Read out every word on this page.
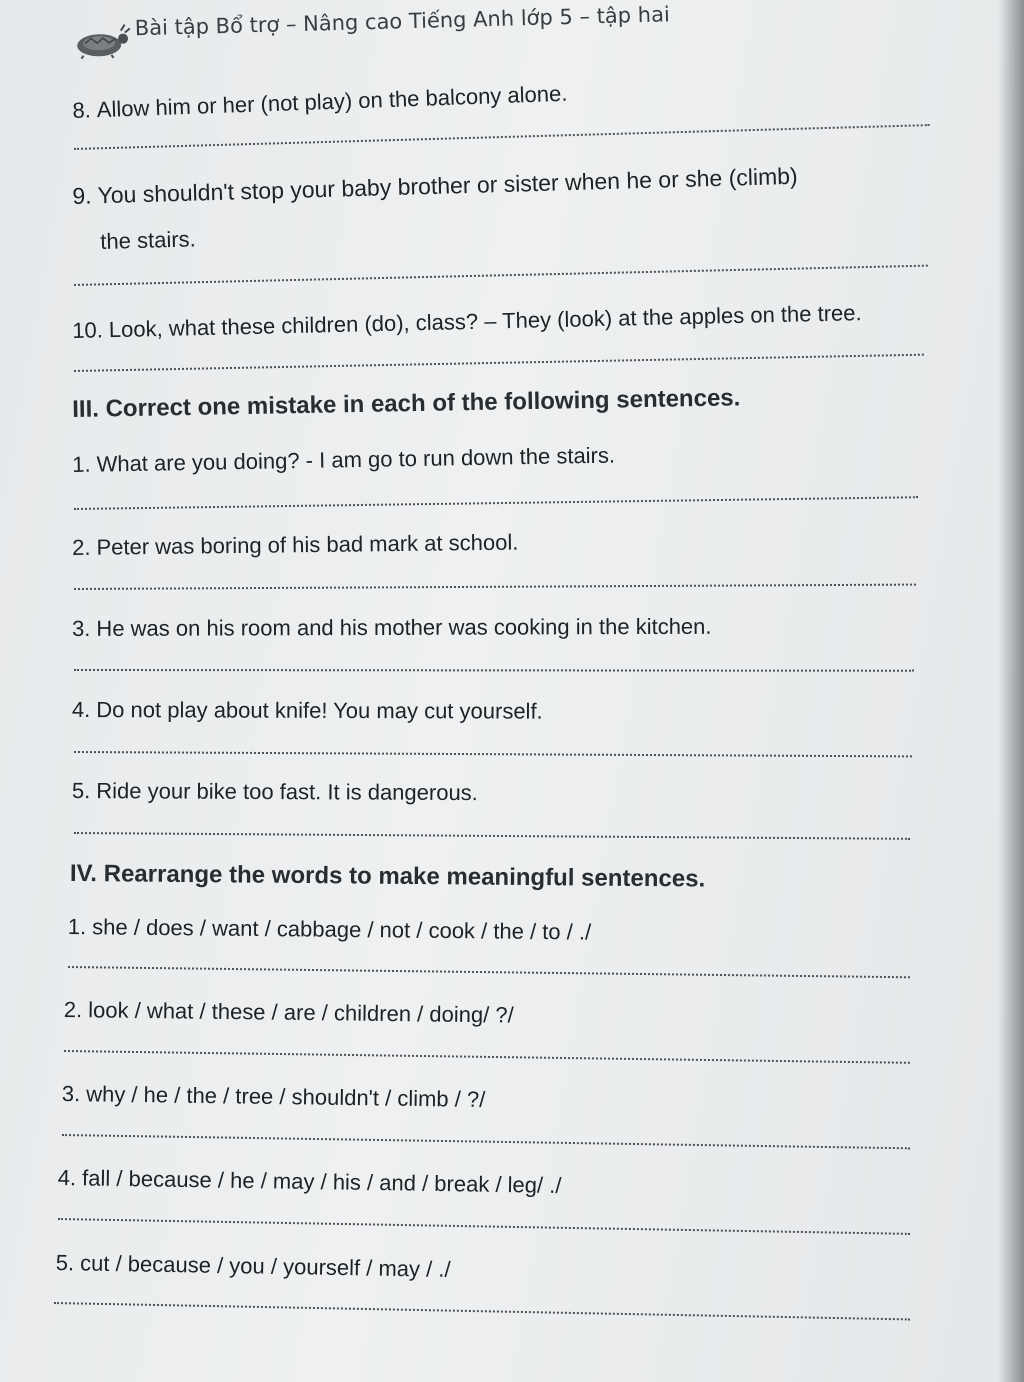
Bài tập Bổ trợ – Nâng cao Tiếng Anh lớp 5 – tập hai
8. Allow him or her (not play) on the balcony alone.
9. You shouldn't stop your baby brother or sister when he or she (climb)
the stairs.
10. Look, what these children (do), class? – They (look) at the apples on the tree.
III. Correct one mistake in each of the following sentences.
1. What are you doing? - I am go to run down the stairs.
2. Peter was boring of his bad mark at school.
3. He was on his room and his mother was cooking in the kitchen.
4. Do not play about knife! You may cut yourself.
5. Ride your bike too fast. It is dangerous.
IV. Rearrange the words to make meaningful sentences.
1. she / does / want / cabbage / not / cook / the / to / ./
2. look / what / these / are / children / doing/ ?/
3. why / he / the / tree / shouldn't / climb / ?/
4. fall / because / he / may / his / and / break / leg/ ./
5. cut / because / you / yourself / may / ./
